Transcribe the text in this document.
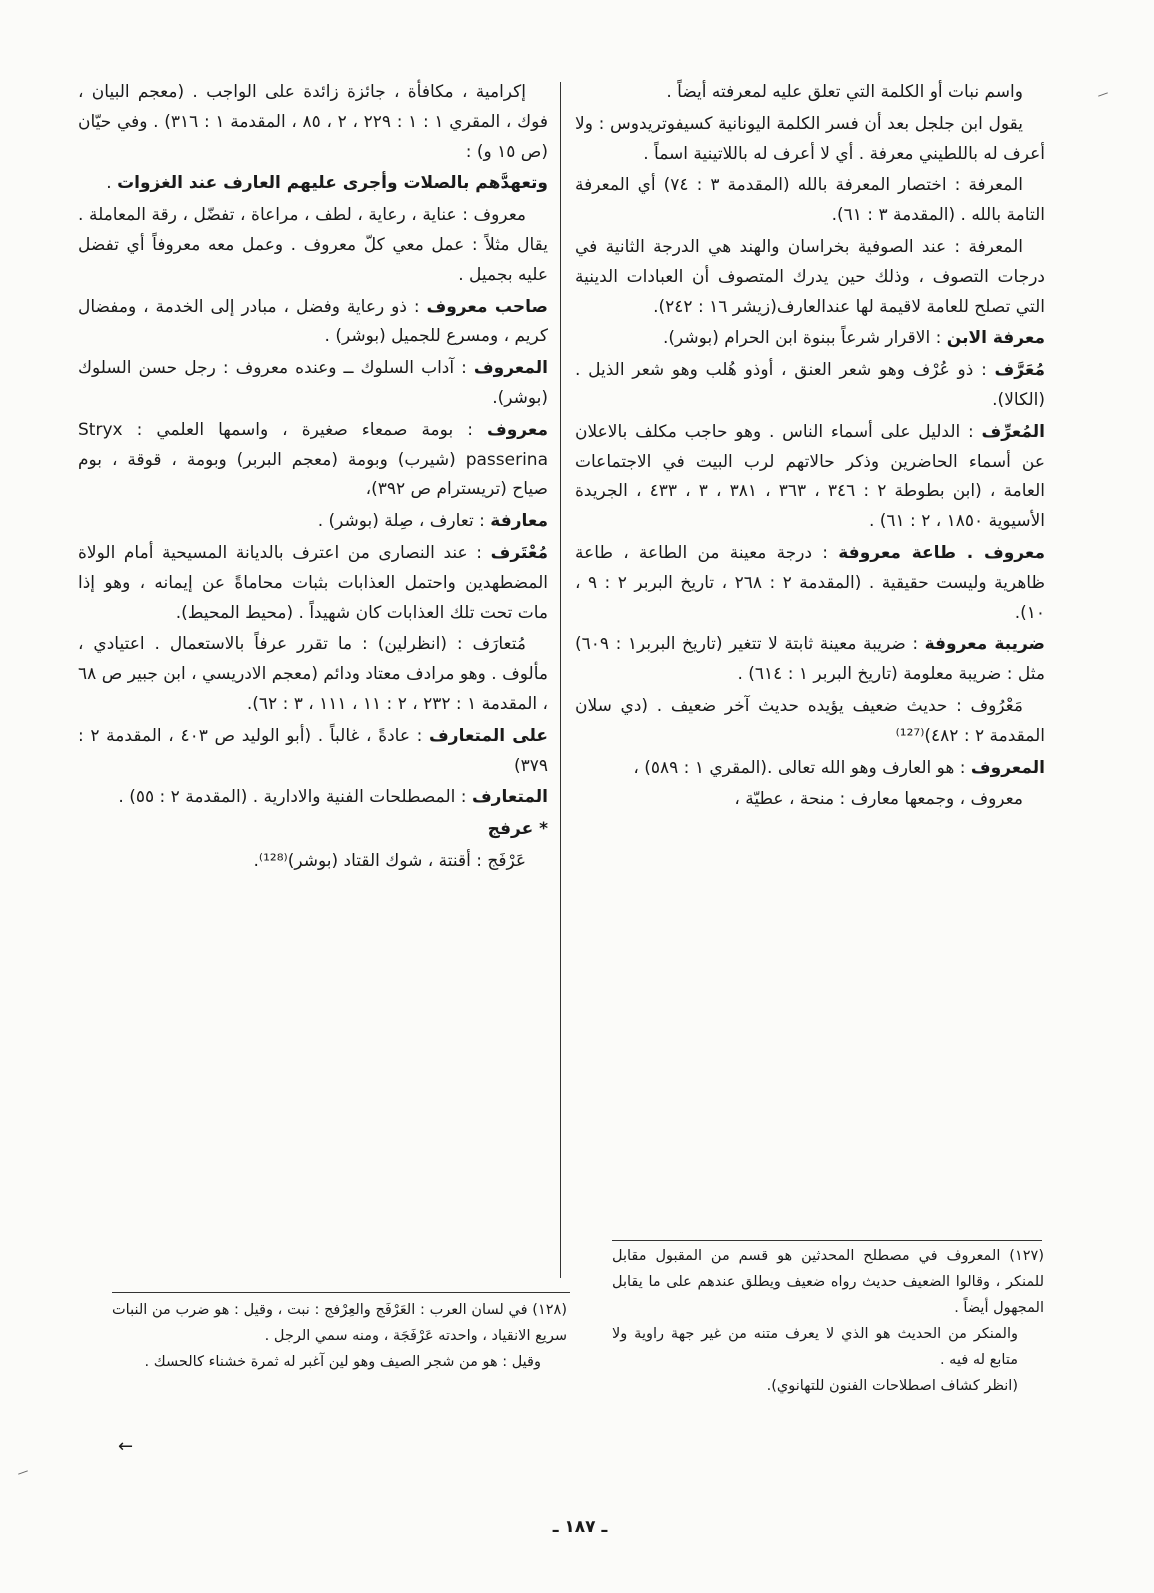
واسم نبات أو الكلمة التي تعلق عليه لمعرفته أيضاً .

يقول ابن جلجل بعد أن فسر الكلمة اليونانية كسيفوتريدوس : ولا أعرف له باللطيني معرفة . أي لا أعرف له باللاتينية اسماً .

المعرفة : اختصار المعرفة بالله (المقدمة ٣ : ٧٤) أي المعرفة التامة بالله . (المقدمة ٣ : ٦١).

المعرفة : عند الصوفية بخراسان والهند هي الدرجة الثانية في درجات التصوف ، وذلك حين يدرك المتصوف أن العبادات الدينية التي تصلح للعامة لاقيمة لها عندالعارف(زيشر ١٦ : ٢٤٢).

معرفة الابن : الاقرار شرعاً ببنوة ابن الحرام (بوشر).

مُعَرَّف : ذو عُرْف وهو شعر العنق ، أوذو هُلب وهو شعر الذيل . (الكالا).

المُعرِّف : الدليل على أسماء الناس . وهو حاجب مكلف بالاعلان عن أسماء الحاضرين وذكر حالاتهم لرب البيت في الاجتماعات العامة ، (ابن بطوطة ٢ : ٣٤٦ ، ٣٦٣ ، ٣٨١ ، ٣ ، ٤٣٣ ، الجريدة الأسيوية ١٨٥٠ ، ٢ : ٦١) .

معروف . طاعة معروفة : درجة معينة من الطاعة ، طاعة ظاهرية وليست حقيقية . (المقدمة ٢ : ٢٦٨ ، تاريخ البربر ٢ : ٩ ، ١٠).

ضريبة معروفة : ضريبة معينة ثابتة لا تتغير (تاريخ البربر١ : ٦٠٩) مثل : ضريبة معلومة (تاريخ البربر ١ : ٦١٤) .

مَعْرُوف : حديث ضعيف يؤيده حديث آخر ضعيف . (دي سلان المقدمة ٢ : ٤٨٢)⁽¹²⁷⁾

المعروف : هو العارف وهو الله تعالى .(المقري ١ : ٥٨٩) ،

معروف ، وجمعها معارف : منحة ، عطيّة ،

إكرامية ، مكافأة ، جائزة زائدة على الواجب . (معجم البيان ، فوك ، المقري ١ : ١ : ٢٢٩ ، ٢ ، ٨٥ ، المقدمة ١ : ٣١٦) . وفي حيّان (ص ١٥ و) :

وتعهدَّهم بالصلات وأجرى عليهم العارف عند الغزوات .

معروف : عناية ، رعاية ، لطف ، مراعاة ، تفضّل ، رقة المعاملة . يقال مثلاً : عمل معي كلّ معروف . وعمل معه معروفاً أي تفضل عليه بجميل .

صاحب معروف : ذو رعاية وفضل ، مبادر إلى الخدمة ، ومفضال كريم ، ومسرع للجميل (بوشر) .

المعروف : آداب السلوك ــ وعنده معروف : رجل حسن السلوك (بوشر).

معروف : بومة صمعاء صغيرة ، واسمها العلمي : Stryx passerina (شيرب) وبومة (معجم البربر) وبومة ، قوقة ، بوم صياح (تريسترام ص ٣٩٢)،

معارفة : تعارف ، صِلة (بوشر) .

مُعْتَرف : عند النصارى من اعترف بالديانة المسيحية أمام الولاة المضطهدين واحتمل العذابات بثبات محاماةً عن إيمانه ، وهو إذا مات تحت تلك العذابات كان شهيداً . (محيط المحيط).

مُتعارَف : (انظرلين) : ما تقرر عرفاً بالاستعمال . اعتيادي ، مألوف . وهو مرادف معتاد ودائم (معجم الادريسي ، ابن جبير ص ٦٨ ، المقدمة ١ : ٢٣٢ ، ٢ : ١١ ، ١١١ ، ٣ : ٦٢).

على المتعارف : عادةً ، غالباً . (أبو الوليد ص ٤٠٣ ، المقدمة ٢ : ٣٧٩)

المتعارف : المصطلحات الفنية والادارية . (المقدمة ٢ : ٥٥) .

* عرفج

عَرْفَج : أقنتة ، شوك القتاد (بوشر)⁽¹²⁸⁾.

(١٢٧) المعروف في مصطلح المحدثين هو قسم من المقبول مقابل للمنكر ، وقالوا الضعيف حديث رواه ضعيف ويطلق عندهم على ما يقابل المجهول أيضاً .

والمنكر من الحديث هو الذي لا يعرف متنه من غير جهة راوية ولا متابع له فيه .

(انظر كشاف اصطلاحات الفنون للتهانوي).

(١٢٨) في لسان العرب : العَرْفَج والعِرْفج : نبت ، وقيل : هو ضرب من النبات سريع الانقياد ، واحدته عَرْفَجَة ، ومنه سمي الرجل .

وقيل : هو من شجر الصيف وهو لين آغبر له ثمرة خشناء كالحسك .

←
ـ ١٨٧ ـ
